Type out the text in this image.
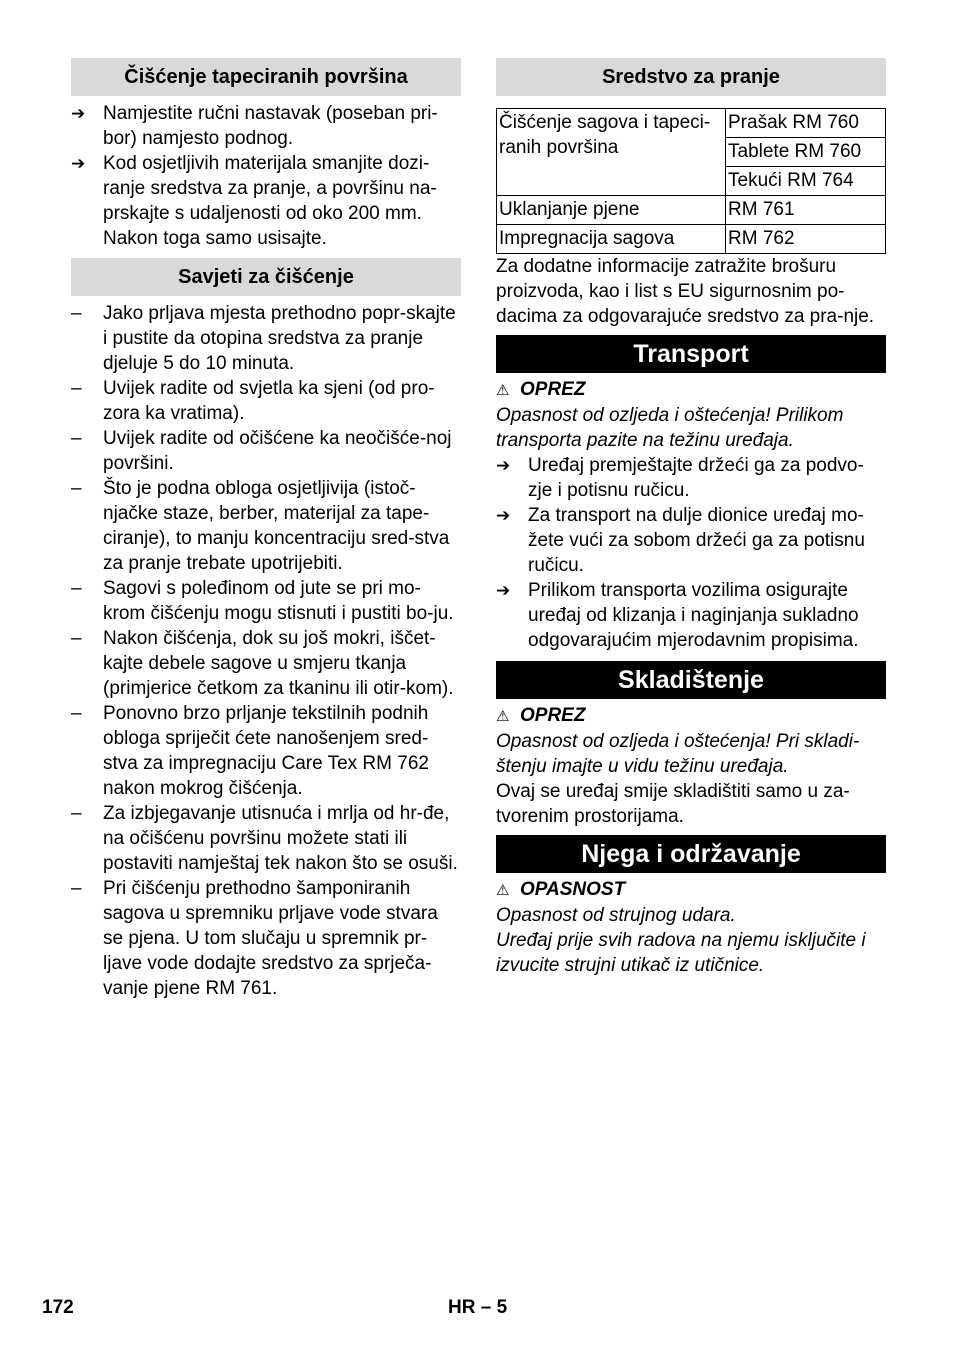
Čišćenje tapeciranih površina
➔ Namjestite ručni nastavak (poseban pri-bor) namjesto podnog.
➔ Kod osjetljivih materijala smanjite dozi-ranje sredstva za pranje, a površinu na-prskajte s udaljenosti od oko 200 mm. Nakon toga samo usisajte.
Savjeti za čišćenje
–	Jako prljava mjesta prethodno popr-skajte i pustite da otopina sredstva za pranje djeluje 5 do 10 minuta.
–	Uvijek radite od svjetla ka sjeni (od pro-zora ka vratima).
–	Uvijek radite od očišćene ka neočišće-noj površini.
–	Što je podna obloga osjetljivija (istoč-njačke staze, berber, materijal za tape-ciranje), to manju koncentraciju sred-stva za pranje trebate upotrijebiti.
–	Sagovi s poleđinom od jute se pri mo-krom čišćenju mogu stisnuti i pustiti bo-ju.
–	Nakon čišćenja, dok su još mokri, iščet-kajte debele sagove u smjeru tkanja (primjerice četkom za tkaninu ili otir-kom).
–	Ponovno brzo prljanje tekstilnih podnih obloga spriječit ćete nanošenjem sred-stva za impregnaciju Care Tex RM 762 nakon mokrog čišćenja.
–	Za izbjegavanje utisnuća i mrlja od hr-đe, na očišćenu površinu možete stati ili postaviti namještaj tek nakon što se osuši.
–	Pri čišćenju prethodno šamponiranih sagova u spremniku prljave vode stvara se pjena. U tom slučaju u spremnik pr-ljave vode dodajte sredstvo za sprječa-vanje pjene RM 761.
Sredstvo za pranje
Čišćenje sagova i tapeci-ranih površina	Prašak RM 760
	Tablete RM 760
	Tekući RM 764
Uklanjanje pjene	RM 761
Impregnacija sagova	RM 762

Za dodatne informacije zatražite brošuru proizvoda, kao i list s EU sigurnosnim po-dacima za odgovarajuće sredstvo za pra-nje.

Transport
⚠ OPREZ

Opasnost od ozljeda i oštećenja! Prilikom transporta pazite na težinu uređaja.

➔ Uređaj premještajte držeći ga za podvo-zje i potisnu ručicu.
➔ Za transport na dulje dionice uređaj mo-žete vući za sobom držeći ga za potisnu ručicu.
➔ Prilikom transporta vozilima osigurajte uređaj od klizanja i naginjanja sukladno odgovarajućim mjerodavnim propisima.
Skladištenje
⚠ OPREZ

Opasnost od ozljeda i oštećenja! Pri skladi-štenju imajte u vidu težinu uređaja.

Ovaj se uređaj smije skladištiti samo u za-tvorenim prostorijama.

Njega i održavanje
⚠ OPASNOST

Opasnost od strujnog udara.

Uređaj prije svih radova na njemu isključite i izvucite strujni utikač iz utičnice.

172	HR – 5
